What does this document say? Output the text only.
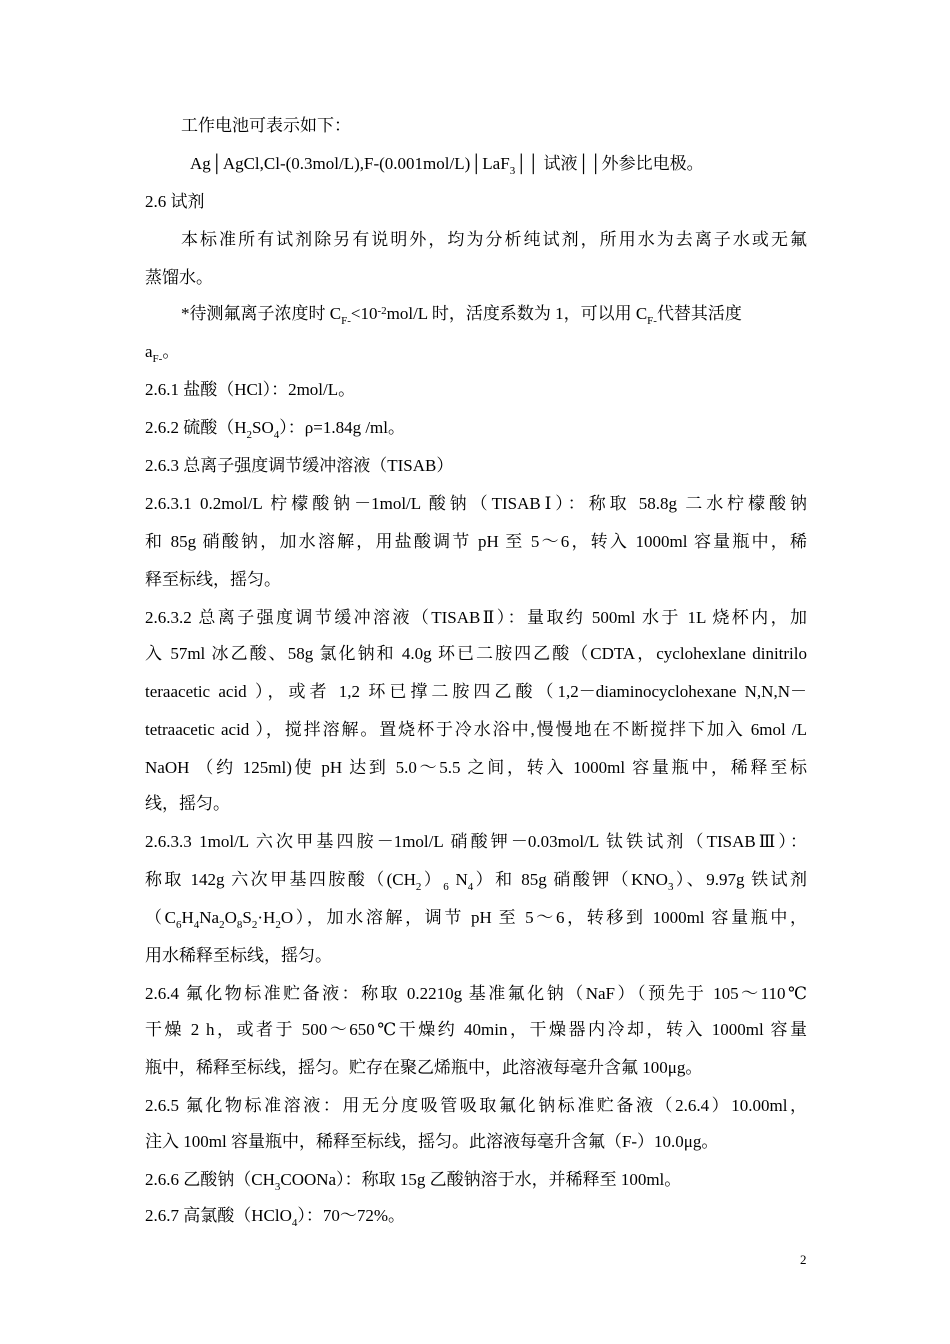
工作电池可表示如下：
Ag│AgCl,Cl-(0.3mol/L),F-(0.001mol/L)│LaF$_3$││ 试液││外参比电极。
2.6 试剂
本标准所有试剂除另有说明外，均为分析纯试剂，所用水为去离子水或无氟
蒸馏水。
*待测氟离子浓度时 $C_{F-}<10^{-2}mol/L$ 时，活度系数为 1，可以用 $C_{F-}$代替其活度
$a_{F-}$。
2.6.1 盐酸（HCl）：2mol/L。
2.6.2 硫酸$(H_2SO_4)$：ρ=1.84g /ml。
2.6.3 总离子强度调节缓冲溶液（TISAB）
2.6.3.1 0.2mol/L 柠檬酸钠－1mol/L 酸钠（TISABⅠ）：称取 58.8g 二水柠檬酸钠
和 85g 硝酸钠，加水溶解，用盐酸调节 pH 至 5～6，转入 1000ml 容量瓶中，稀
释至标线，摇匀。
2.6.3.2 总离子强度调节缓冲溶液（TISABⅡ）：量取约 500ml 水于 1L 烧杯内，加
入 57ml 冰乙酸、58g 氯化钠和 4.0g 环已二胺四乙酸（CDTA，cyclohexlane dinitrilo
teraacetic acid ），或者 1,2 环已撑二胺四乙酸（1,2－diaminocyclohexane N,N,N－
tetraacetic acid ），搅拌溶解。置烧杯于冷水浴中,慢慢地在不断搅拌下加入 6mol /L
NaOH （约 125ml)使 pH 达到 5.0～5.5 之间，转入 1000ml 容量瓶中，稀释至标
线，摇匀。
2.6.3.3 1mol/L 六次甲基四胺－1mol/L 硝酸钾－0.03mol/L 钛铁试剂（TISABⅢ）：
称取 142g 六次甲基四胺酸（$(CH_2)_6$ $N_4$）和 85g 硝酸钾$(KNO_3)$、9.97g 铁试剂
$(C_6H_4Na_2O_8S_2\cdot H_2O)$，加水溶解，调节 pH 至 5～6，转移到 1000ml 容量瓶中，
用水稀释至标线，摇匀。
2.6.4 氟化物标准贮备液：称取 0.2210g 基准氟化钠（NaF）（预先于 105～110℃
干燥 2 h，或者于 500～650℃干燥约 40min，干燥器内冷却，转入 1000ml 容量
瓶中，稀释至标线，摇匀。贮存在聚乙烯瓶中，此溶液每毫升含氟 100μg。
2.6.5 氟化物标准溶液：用无分度吸管吸取氟化钠标准贮备液（2.6.4）10.00ml，
注入 100ml 容量瓶中，稀释至标线，摇匀。此溶液每毫升含氟（F-）10.0μg。
2.6.6 乙酸钠$(CH_3COONa)$：称取 15g 乙酸钠溶于水，并稀释至 100ml。
2.6.7 高氯酸（HClO$_4$）：70～72%。
2
